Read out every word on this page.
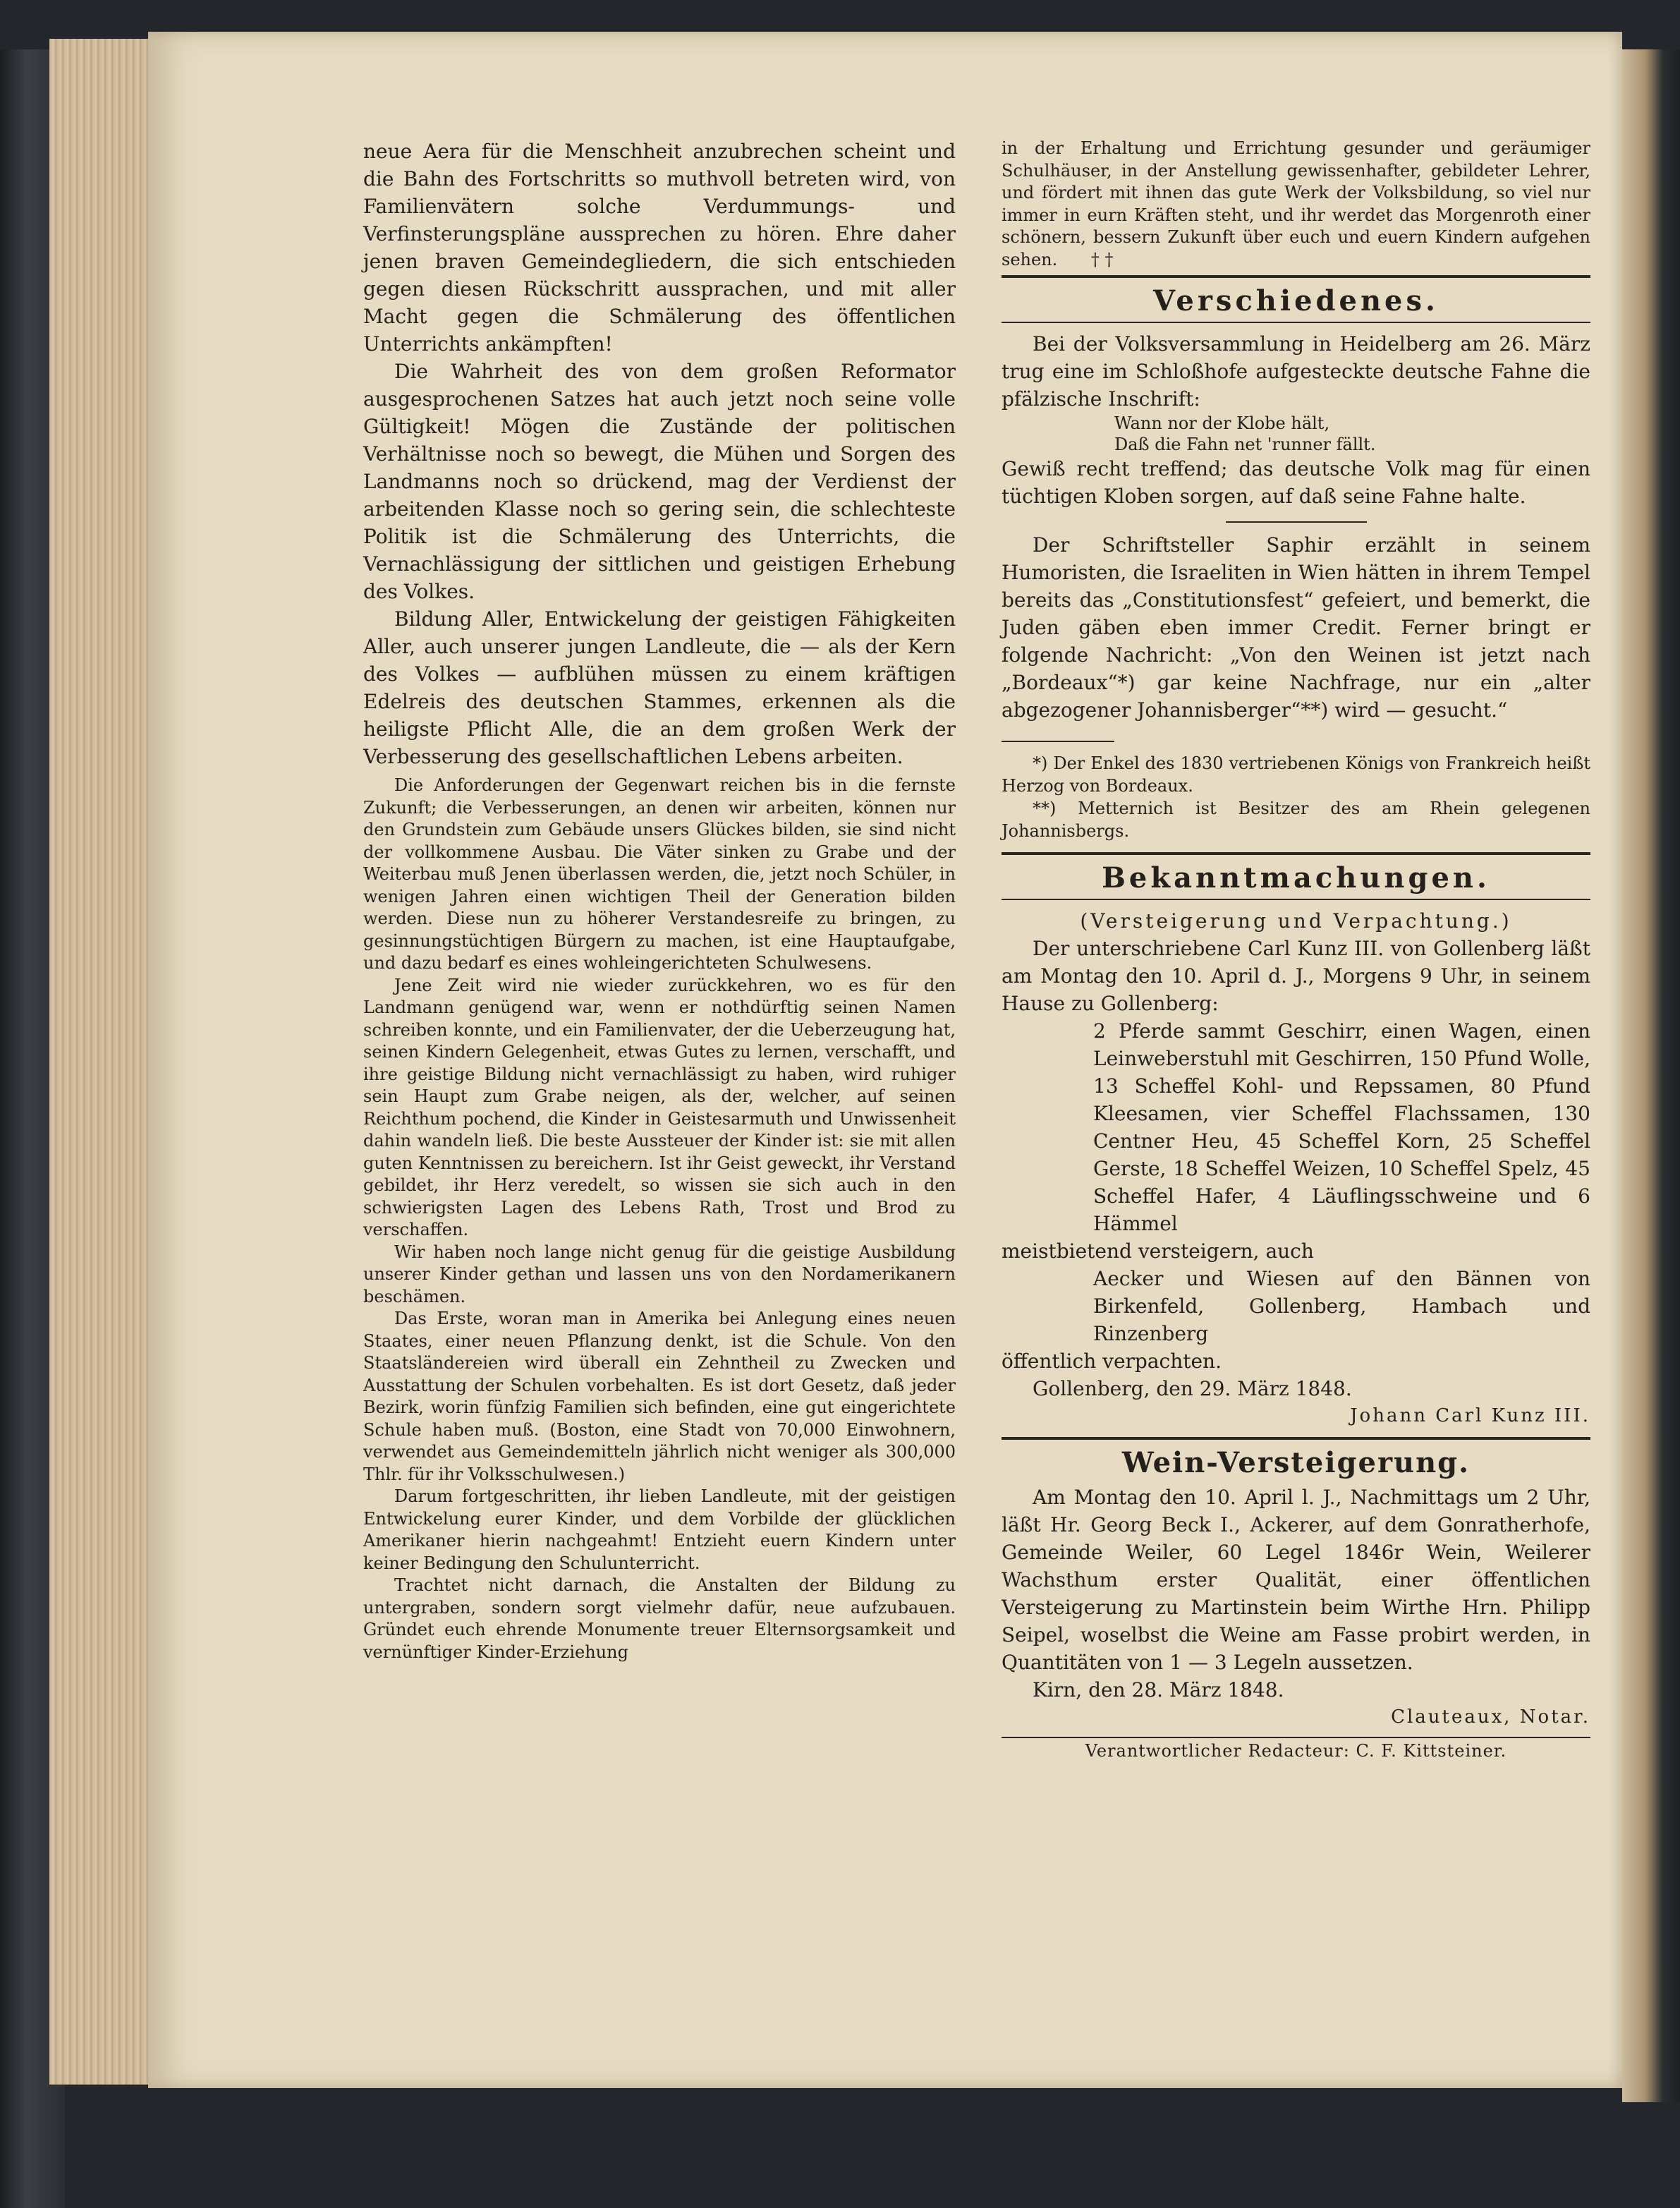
neue Aera für die Menschheit anzubrechen scheint und die Bahn des Fortschritts so muthvoll betreten wird, von Familienvätern solche Verdummungs- und Verfinsterungspläne aussprechen zu hören. Ehre daher jenen braven Gemeindegliedern, die sich entschieden gegen diesen Rückschritt aussprachen, und mit aller Macht gegen die Schmälerung des öffentlichen Unterrichts ankämpften!

Die Wahrheit des von dem großen Reformator ausgesprochenen Satzes hat auch jetzt noch seine volle Gültigkeit! Mögen die Zustände der politischen Verhältnisse noch so bewegt, die Mühen und Sorgen des Landmanns noch so drückend, mag der Verdienst der arbeitenden Klasse noch so gering sein, die schlechteste Politik ist die Schmälerung des Unterrichts, die Vernachlässigung der sittlichen und geistigen Erhebung des Volkes.

Bildung Aller, Entwickelung der geistigen Fähigkeiten Aller, auch unserer jungen Landleute, die — als der Kern des Volkes — aufblühen müssen zu einem kräftigen Edelreis des deutschen Stammes, erkennen als die heiligste Pflicht Alle, die an dem großen Werk der Verbesserung des gesellschaftlichen Lebens arbeiten.

Die Anforderungen der Gegenwart reichen bis in die fernste Zukunft; die Verbesserungen, an denen wir arbeiten, können nur den Grundstein zum Gebäude unsers Glückes bilden, sie sind nicht der vollkommene Ausbau. Die Väter sinken zu Grabe und der Weiterbau muß Jenen überlassen werden, die, jetzt noch Schüler, in wenigen Jahren einen wichtigen Theil der Generation bilden werden. Diese nun zu höherer Verstandesreife zu bringen, zu gesinnungstüchtigen Bürgern zu machen, ist eine Hauptaufgabe, und dazu bedarf es eines wohleingerichteten Schulwesens.

Jene Zeit wird nie wieder zurückkehren, wo es für den Landmann genügend war, wenn er nothdürftig seinen Namen schreiben konnte, und ein Familienvater, der die Ueberzeugung hat, seinen Kindern Gelegenheit, etwas Gutes zu lernen, verschafft, und ihre geistige Bildung nicht vernachlässigt zu haben, wird ruhiger sein Haupt zum Grabe neigen, als der, welcher, auf seinen Reichthum pochend, die Kinder in Geistesarmuth und Unwissenheit dahin wandeln ließ. Die beste Aussteuer der Kinder ist: sie mit allen guten Kenntnissen zu bereichern. Ist ihr Geist geweckt, ihr Verstand gebildet, ihr Herz veredelt, so wissen sie sich auch in den schwierigsten Lagen des Lebens Rath, Trost und Brod zu verschaffen.

Wir haben noch lange nicht genug für die geistige Ausbildung unserer Kinder gethan und lassen uns von den Nordamerikanern beschämen.

Das Erste, woran man in Amerika bei Anlegung eines neuen Staates, einer neuen Pflanzung denkt, ist die Schule. Von den Staatsländereien wird überall ein Zehntheil zu Zwecken und Ausstattung der Schulen vorbehalten. Es ist dort Gesetz, daß jeder Bezirk, worin fünfzig Familien sich befinden, eine gut eingerichtete Schule haben muß. (Boston, eine Stadt von 70,000 Einwohnern, verwendet aus Gemeindemitteln jährlich nicht weniger als 300,000 Thlr. für ihr Volksschulwesen.)

Darum fortgeschritten, ihr lieben Landleute, mit der geistigen Entwickelung eurer Kinder, und dem Vorbilde der glücklichen Amerikaner hierin nachgeahmt! Entzieht euern Kindern unter keiner Bedingung den Schulunterricht.

Trachtet nicht darnach, die Anstalten der Bildung zu untergraben, sondern sorgt vielmehr dafür, neue aufzubauen. Gründet euch ehrende Monumente treuer Elternsorgsamkeit und vernünftiger Kinder-Erziehung

in der Erhaltung und Errichtung gesunder und geräumiger Schulhäuser, in der Anstellung gewissenhafter, gebildeter Lehrer, und fördert mit ihnen das gute Werk der Volksbildung, so viel nur immer in eurn Kräften steht, und ihr werdet das Morgenroth einer schönern, bessern Zukunft über euch und euern Kindern aufgehen sehen. † †

Verschiedenes.

Bei der Volksversammlung in Heidelberg am 26. März trug eine im Schloßhofe aufgesteckte deutsche Fahne die pfälzische Inschrift:

Wann nor der Klobe hält,

Daß die Fahn net 'runner fällt.

Gewiß recht treffend; das deutsche Volk mag für einen tüchtigen Kloben sorgen, auf daß seine Fahne halte.

Der Schriftsteller Saphir erzählt in seinem Humoristen, die Israeliten in Wien hätten in ihrem Tempel bereits das „Constitutionsfest“ gefeiert, und bemerkt, die Juden gäben eben immer Credit. Ferner bringt er folgende Nachricht: „Von den Weinen ist jetzt nach „Bordeaux“*) gar keine Nachfrage, nur ein „alter abgezogener Johannisberger“**) wird — gesucht.“

*) Der Enkel des 1830 vertriebenen Königs von Frankreich heißt Herzog von Bordeaux.

**) Metternich ist Besitzer des am Rhein gelegenen Johannisbergs.

Bekanntmachungen.

(Versteigerung und Verpachtung.)

Der unterschriebene Carl Kunz III. von Gollenberg läßt am Montag den 10. April d. J., Morgens 9 Uhr, in seinem Hause zu Gollenberg:

2 Pferde sammt Geschirr, einen Wagen, einen Leinweberstuhl mit Geschirren, 150 Pfund Wolle, 13 Scheffel Kohl- und Repssamen, 80 Pfund Kleesamen, vier Scheffel Flachssamen, 130 Centner Heu, 45 Scheffel Korn, 25 Scheffel Gerste, 18 Scheffel Weizen, 10 Scheffel Spelz, 45 Scheffel Hafer, 4 Läuflingsschweine und 6 Hämmel

meistbietend versteigern, auch

Aecker und Wiesen auf den Bännen von Birkenfeld, Gollenberg, Hambach und Rinzenberg

öffentlich verpachten.

Gollenberg, den 29. März 1848.

Johann Carl Kunz III.

Wein-Versteigerung.

Am Montag den 10. April l. J., Nachmittags um 2 Uhr, läßt Hr. Georg Beck I., Ackerer, auf dem Gonratherhofe, Gemeinde Weiler, 60 Legel 1846r Wein, Weilerer Wachsthum erster Qualität, einer öffentlichen Versteigerung zu Martinstein beim Wirthe Hrn. Philipp Seipel, woselbst die Weine am Fasse probirt werden, in Quantitäten von 1 — 3 Legeln aussetzen.

Kirn, den 28. März 1848.

Clauteaux, Notar.

Verantwortlicher Redacteur: C. F. Kittsteiner.
